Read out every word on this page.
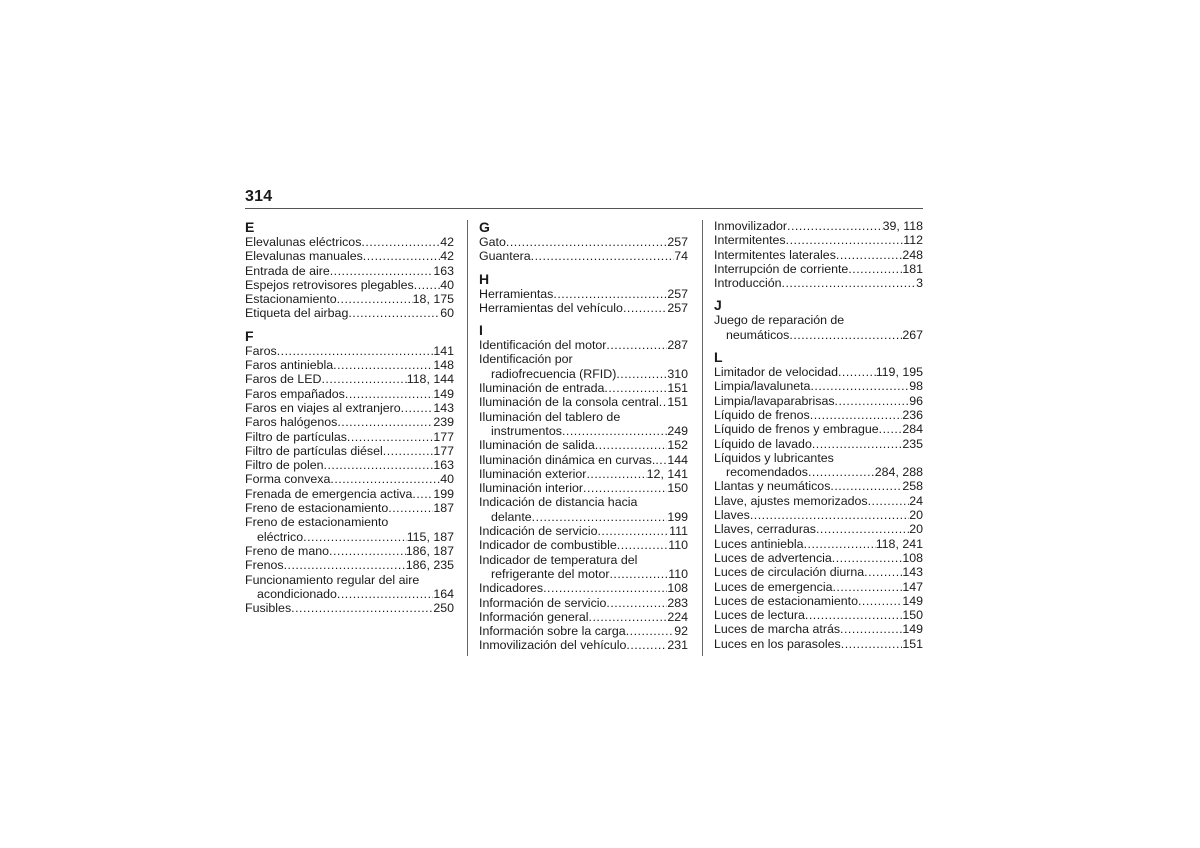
314
E
Elevalunas eléctricos .....	42
Elevalunas manuales .....	42
Entrada de aire .....	163
Espejos retrovisores plegables ..... 40
Estacionamiento .....	18, 175
Etiqueta del airbag .....	60
F
Faros .....	141
Faros antiniebla .....	148
Faros de LED .....	118, 144
Faros empañados .....	149
Faros en viajes al extranjero .....	143
Faros halógenos .....	239
Filtro de partículas .....	177
Filtro de partículas diésel .....	177
Filtro de polen .....	163
Forma convexa .....	40
Frenada de emergencia activa ..... 199
Freno de estacionamiento .....	187
Freno de estacionamiento
eléctrico .....	115, 187
Freno de mano .....	186, 187
Frenos .....	186, 235
Funcionamiento regular del aire
acondicionado .....	164
Fusibles .....	250
G
Gato .....	257
Guantera .....	74
H
Herramientas .....	257
Herramientas del vehículo .....	257
I
Identificación del motor .....	287
Identificación por
radiofrecuencia (RFID) .....	310
Iluminación de entrada .....	151
Iluminación de la consola central ..... 151
Iluminación del tablero de
instrumentos .....	249
Iluminación de salida .....	152
Iluminación dinámica en curvas. ..... 144
Iluminación exterior .....	12, 141
Iluminación interior .....	150
Indicación de distancia hacia
delante .....	199
Indicación de servicio .....	111
Indicador de combustible .....	110
Indicador de temperatura del
refrigerante del motor .....	110
Indicadores .....	108
Información de servicio .....	283
Información general .....	224
Información sobre la carga .....	92
Inmovilización del vehículo .....	231
Inmovilizador .....	39, 118
Intermitentes .....	112
Intermitentes laterales .....	248
Interrupción de corriente .....	181
Introducción .....	3
J
Juego de reparación de
neumáticos .....	267
L
Limitador de velocidad .....	119, 195
Limpia/lavaluneta .....	98
Limpia/lavaparabrisas .....	96
Líquido de frenos .....	236
Líquido de frenos y embrague ..... 284
Líquido de lavado .....	235
Líquidos y lubricantes
recomendados .....	284, 288
Llantas y neumáticos .....	258
Llave, ajustes memorizados .....	24
Llaves .....	20
Llaves, cerraduras .....	20
Luces antiniebla .....	118, 241
Luces de advertencia .....	108
Luces de circulación diurna .....	143
Luces de emergencia .....	147
Luces de estacionamiento .....	149
Luces de lectura .....	150
Luces de marcha atrás .....	149
Luces en los parasoles .....	151
